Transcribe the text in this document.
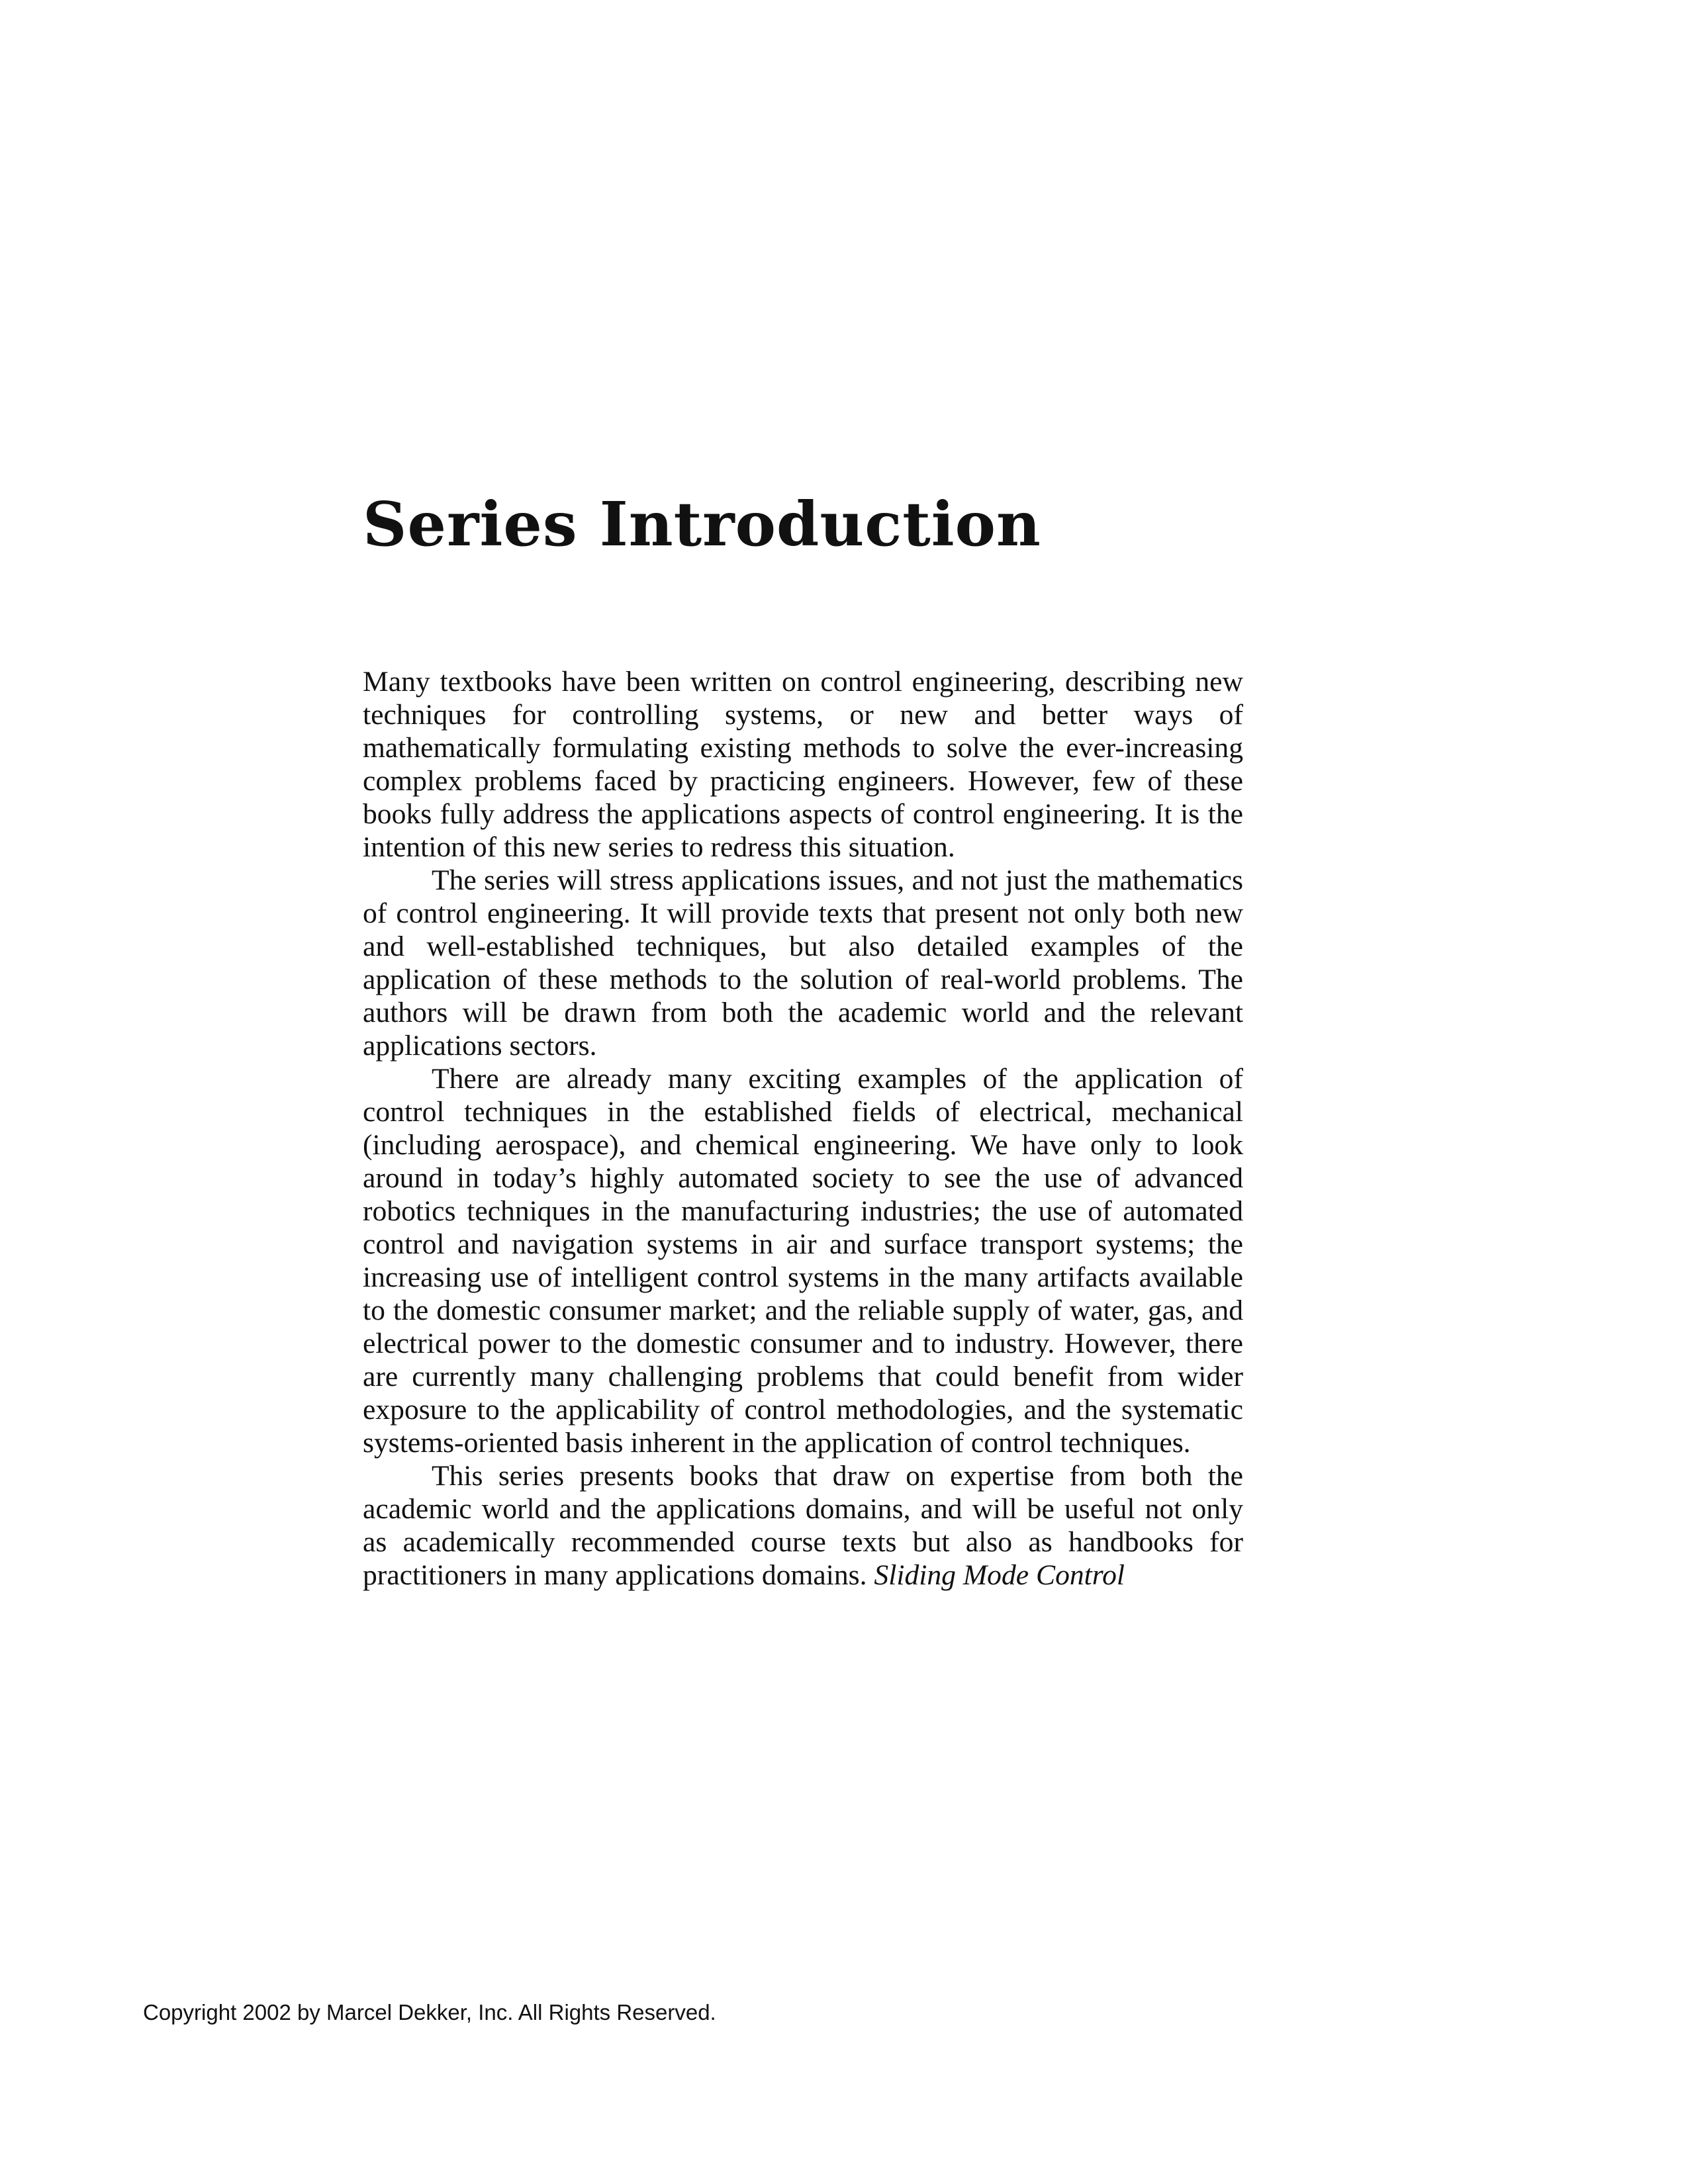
Series Introduction

Many textbooks have been written on control engineering, describing new techniques for controlling systems, or new and better ways of mathematically formulating existing methods to solve the ever-increasing complex problems faced by practicing engineers. However, few of these books fully address the applications aspects of control engineering. It is the intention of this new series to redress this situation.

The series will stress applications issues, and not just the mathematics of control engineering. It will provide texts that present not only both new and well-established techniques, but also detailed examples of the application of these methods to the solution of real-world problems. The authors will be drawn from both the academic world and the relevant applications sectors.

There are already many exciting examples of the application of control techniques in the established fields of electrical, mechanical (including aerospace), and chemical engineering. We have only to look around in today’s highly automated society to see the use of advanced robotics techniques in the manufacturing industries; the use of automated control and navigation systems in air and surface transport systems; the increasing use of intelligent control systems in the many artifacts available to the domestic consumer market; and the reliable supply of water, gas, and electrical power to the domestic consumer and to industry. However, there are currently many challenging problems that could benefit from wider exposure to the applicability of control methodologies, and the systematic systems-oriented basis inherent in the application of control techniques.

This series presents books that draw on expertise from both the academic world and the applications domains, and will be useful not only as academically recommended course texts but also as handbooks for practitioners in many applications domains. Sliding Mode Control

Copyright 2002 by Marcel Dekker, Inc. All Rights Reserved.
